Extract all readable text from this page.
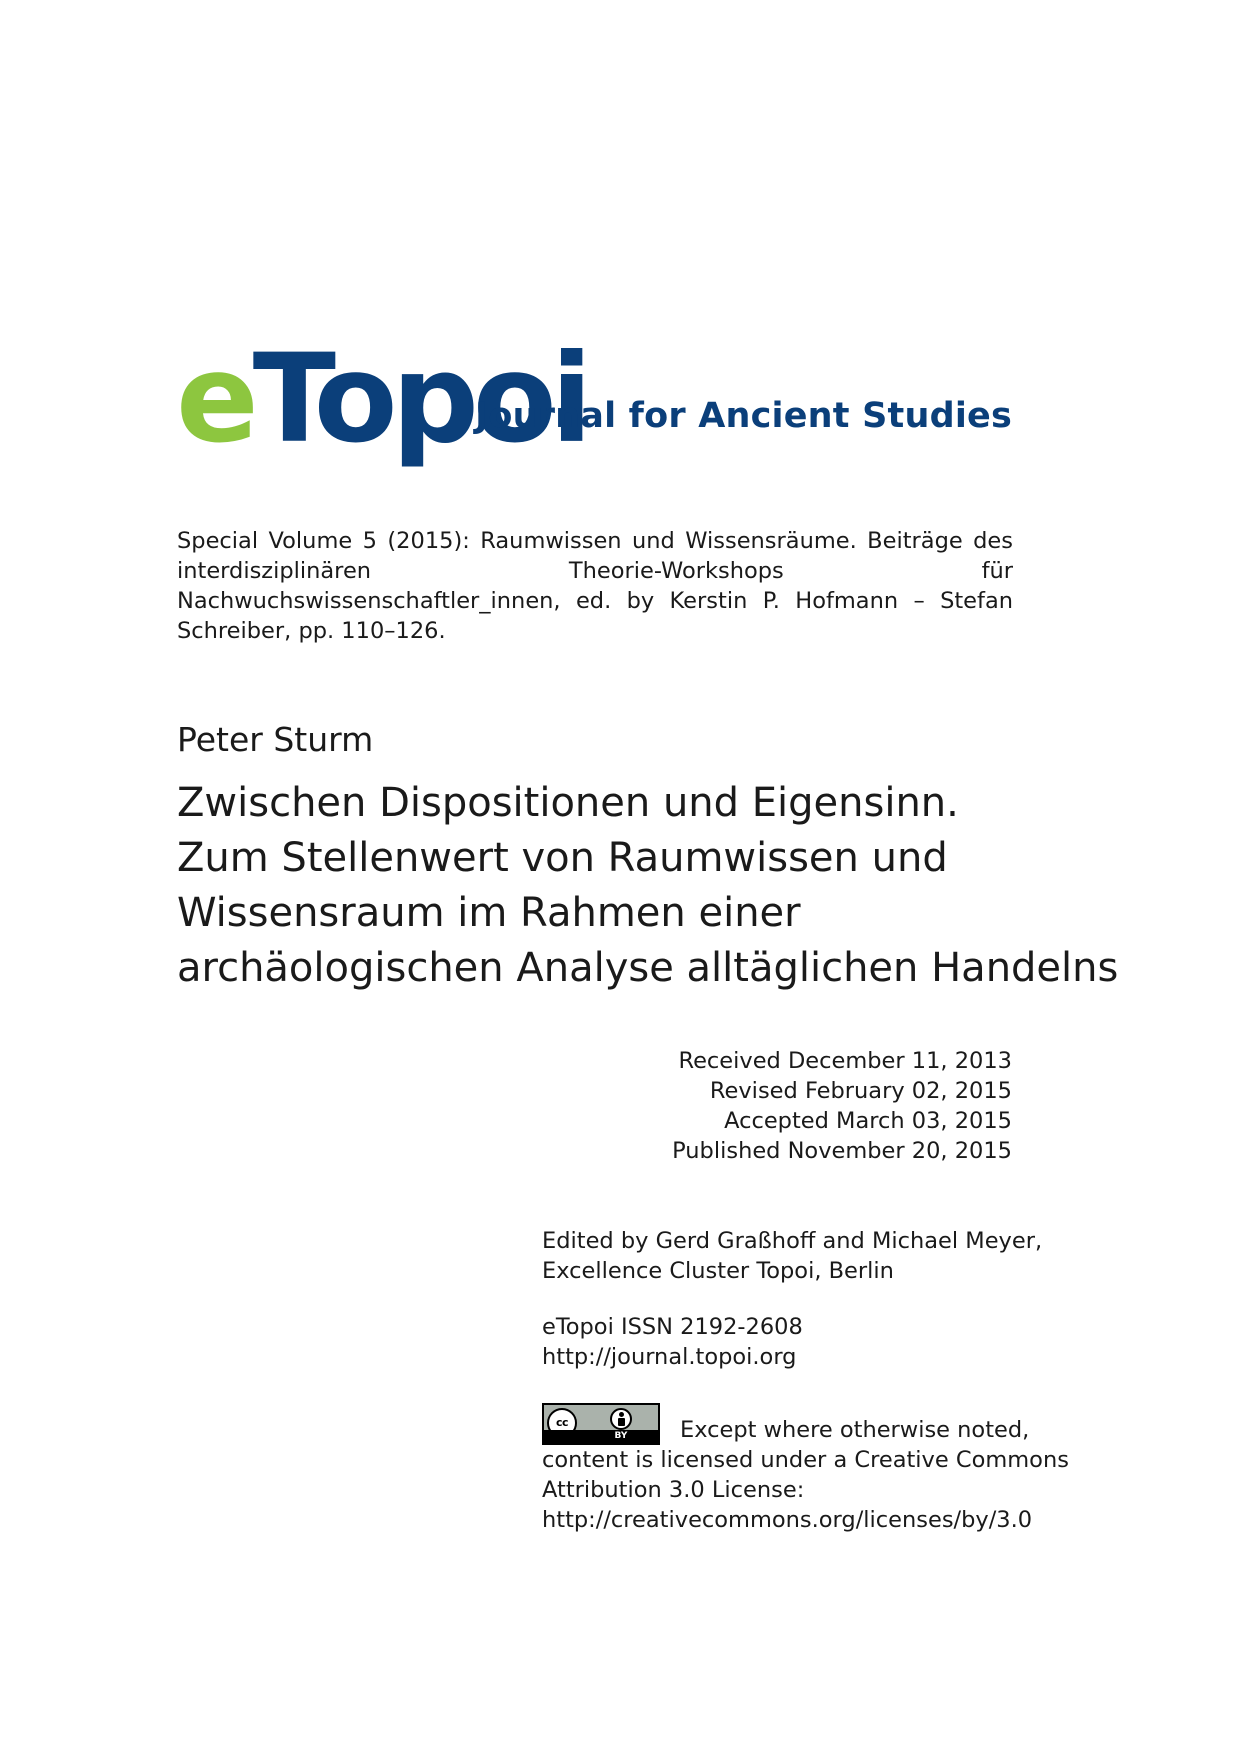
eTopoi
Journal for Ancient Studies
Special Volume 5 (2015): Raumwissen und Wissensräume. Beiträge des interdisziplinären Theorie-Workshops für Nachwuchswissenschaftler_innen, ed. by Kerstin P. Hofmann – Stefan Schreiber, pp. 110–126.
Peter Sturm
Zwischen Dispositionen und Eigensinn.
Zum Stellenwert von Raumwissen und
Wissensraum im Rahmen einer
archäologischen Analyse alltäglichen Handelns
Received December 11, 2013
Revised February 02, 2015
Accepted March 03, 2015
Published November 20, 2015
Edited by Gerd Graßhoff and Michael Meyer,
Excellence Cluster Topoi, Berlin
eTopoi ISSN 2192-2608
http://journal.topoi.org
cc
BY	Except where otherwise noted,
content is licensed under a Creative Commons
Attribution 3.0 License:
http://creativecommons.org/licenses/by/3.0
